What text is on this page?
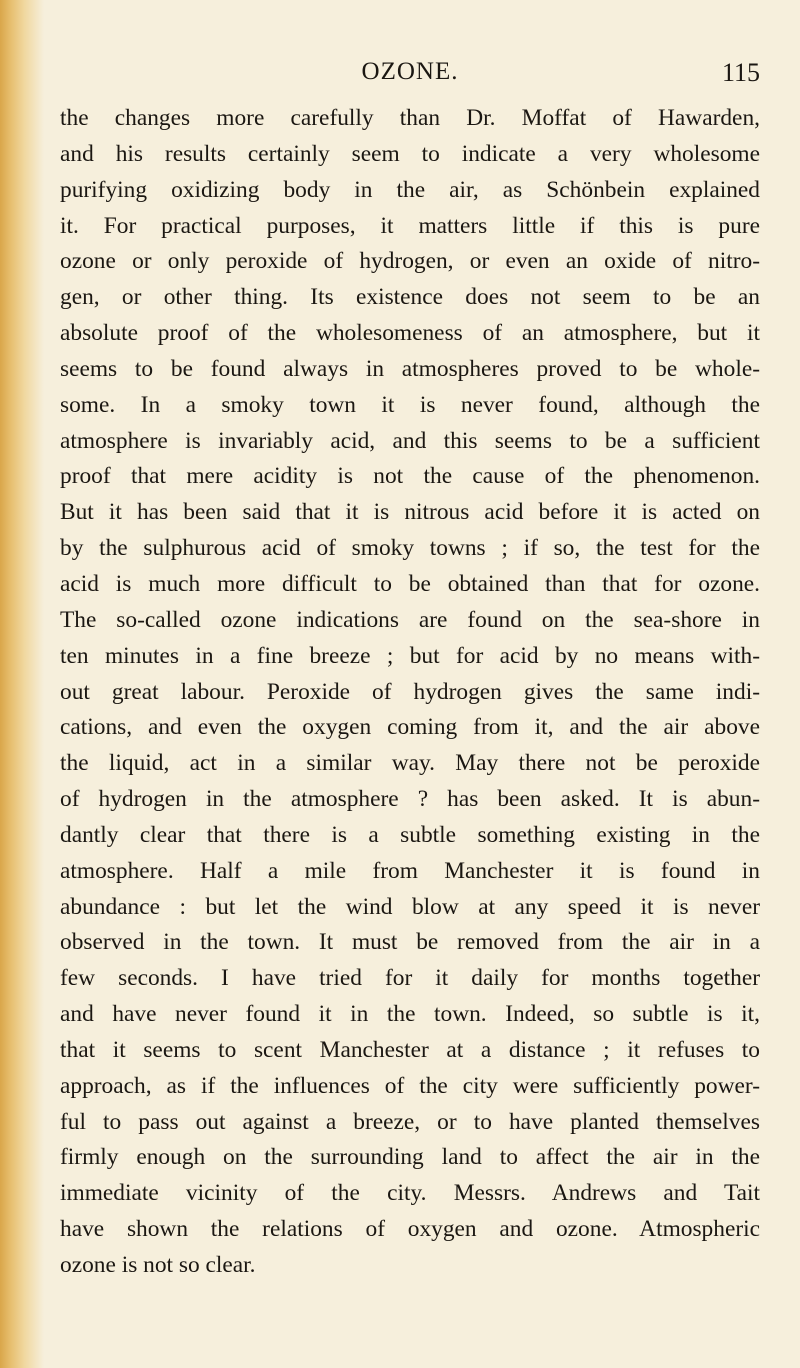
OZONE.	115
the changes more carefully than Dr. Moffat of Hawarden,
and his results certainly seem to indicate a very wholesome
purifying oxidizing body in the air, as Schönbein explained
it. For practical purposes, it matters little if this is pure
ozone or only peroxide of hydrogen, or even an oxide of nitro-
gen, or other thing. Its existence does not seem to be an
absolute proof of the wholesomeness of an atmosphere, but it
seems to be found always in atmospheres proved to be whole-
some. In a smoky town it is never found, although the
atmosphere is invariably acid, and this seems to be a sufficient
proof that mere acidity is not the cause of the phenomenon.
But it has been said that it is nitrous acid before it is acted on
by the sulphurous acid of smoky towns ; if so, the test for the
acid is much more difficult to be obtained than that for ozone.
The so-called ozone indications are found on the sea-shore in
ten minutes in a fine breeze ; but for acid by no means with-
out great labour. Peroxide of hydrogen gives the same indi-
cations, and even the oxygen coming from it, and the air above
the liquid, act in a similar way. May there not be peroxide
of hydrogen in the atmosphere ? has been asked. It is abun-
dantly clear that there is a subtle something existing in the
atmosphere. Half a mile from Manchester it is found in
abundance : but let the wind blow at any speed it is never
observed in the town. It must be removed from the air in a
few seconds. I have tried for it daily for months together
and have never found it in the town. Indeed, so subtle is it,
that it seems to scent Manchester at a distance ; it refuses to
approach, as if the influences of the city were sufficiently power-
ful to pass out against a breeze, or to have planted themselves
firmly enough on the surrounding land to affect the air in the
immediate vicinity of the city. Messrs. Andrews and Tait
have shown the relations of oxygen and ozone. Atmospheric
ozone is not so clear.
